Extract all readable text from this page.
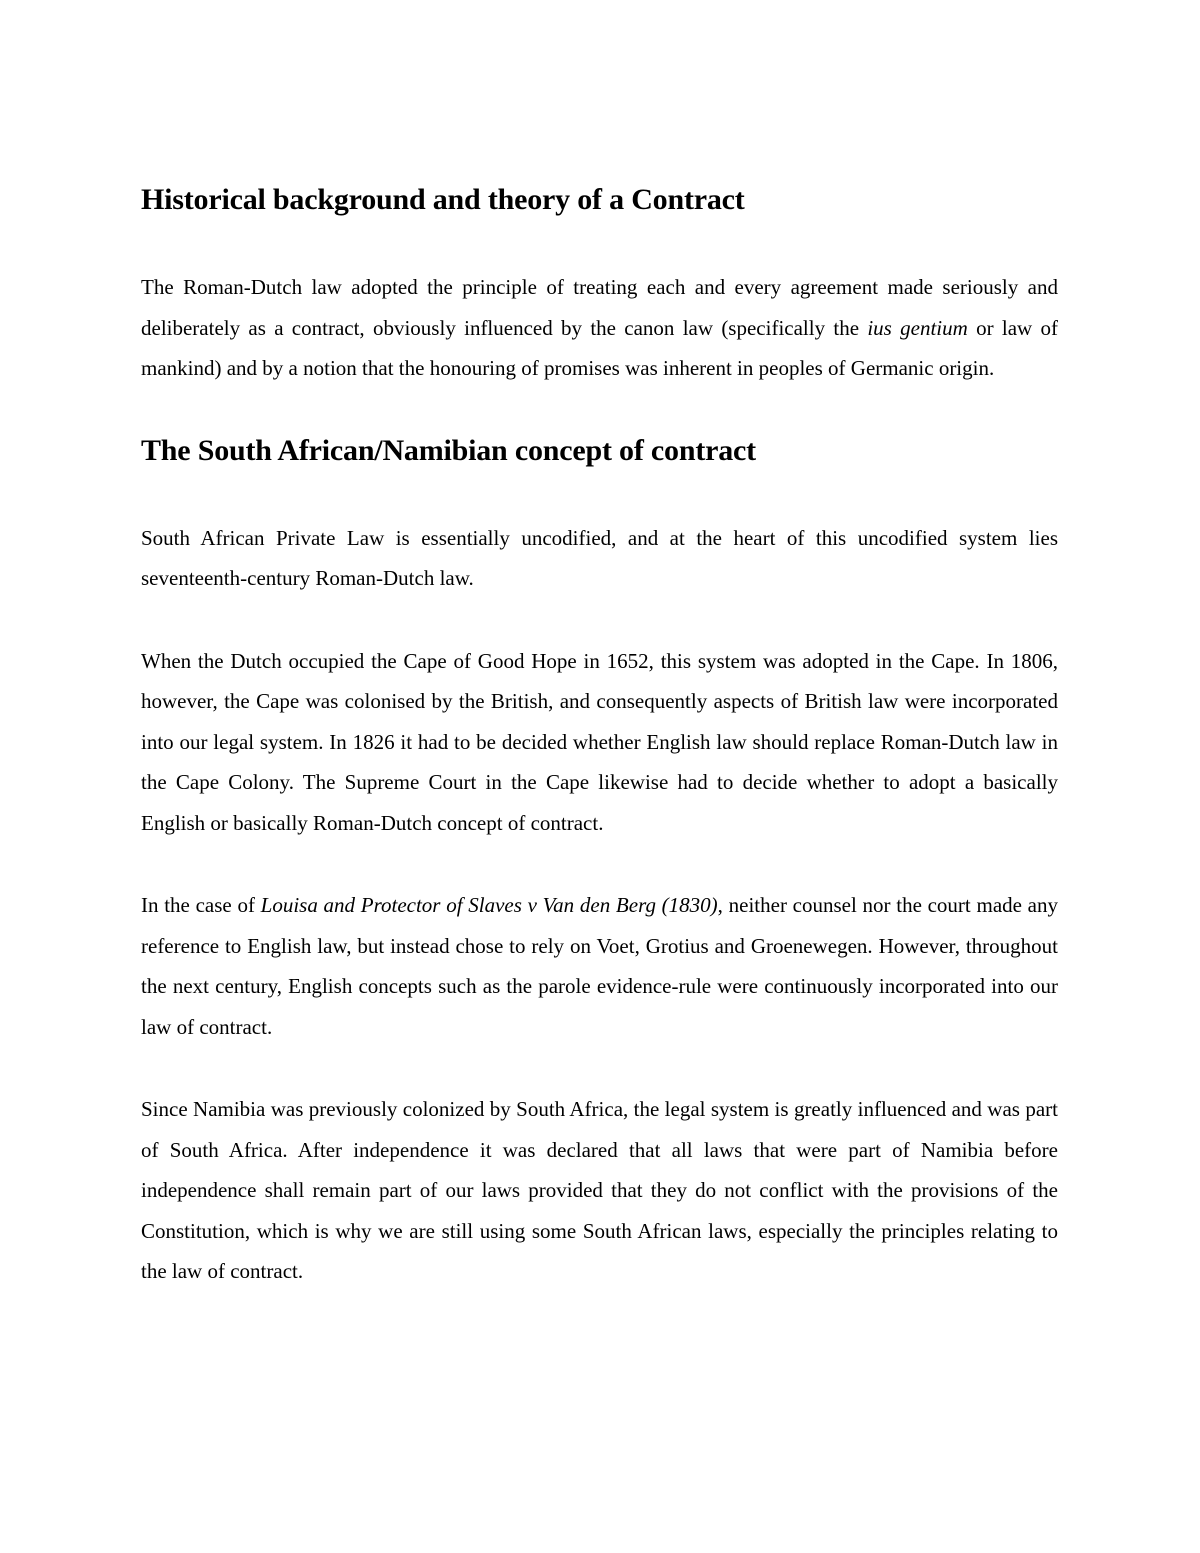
Historical background and theory of a Contract

The Roman-Dutch law adopted the principle of treating each and every agreement made seriously and deliberately as a contract, obviously influenced by the canon law (specifically the ius gentium or law of mankind) and by a notion that the honouring of promises was inherent in peoples of Germanic origin.

The South African/Namibian concept of contract

South African Private Law is essentially uncodified, and at the heart of this uncodified system lies seventeenth-century Roman-Dutch law.

When the Dutch occupied the Cape of Good Hope in 1652, this system was adopted in the Cape. In 1806, however, the Cape was colonised by the British, and consequently aspects of British law were incorporated into our legal system. In 1826 it had to be decided whether English law should replace Roman-Dutch law in the Cape Colony. The Supreme Court in the Cape likewise had to decide whether to adopt a basically English or basically Roman-Dutch concept of contract.

In the case of Louisa and Protector of Slaves v Van den Berg (1830), neither counsel nor the court made any reference to English law, but instead chose to rely on Voet, Grotius and Groenewegen. However, throughout the next century, English concepts such as the parole evidence-rule were continuously incorporated into our law of contract.

Since Namibia was previously colonized by South Africa, the legal system is greatly influenced and was part of South Africa. After independence it was declared that all laws that were part of Namibia before independence shall remain part of our laws provided that they do not conflict with the provisions of the Constitution, which is why we are still using some South African laws, especially the principles relating to the law of contract.
